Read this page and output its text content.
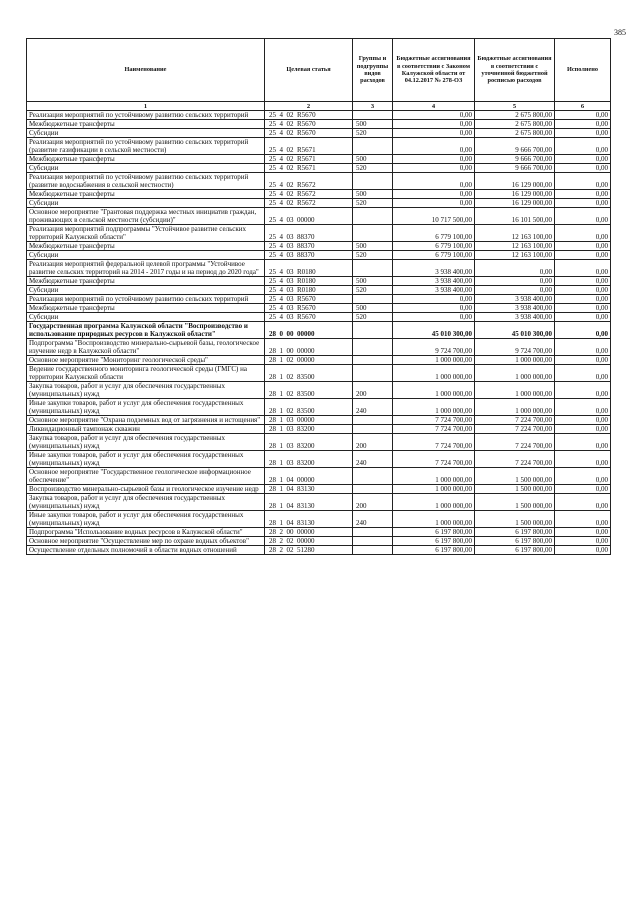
385
Наименование	Целевая статья	Группы и подгруппы видов расходов	Бюджетные ассигнования в соответствии с Законом Калужской области от 04.12.2017 № 278-ОЗ	Бюджетные ассигнования в соответствии с уточненной бюджетной росписью расходов	Исполнено
1	2	3	4	5	6
Реализация мероприятий по устойчивому развитию сельских территорий	25  4  02  R5670		0,00	2 675 800,00	0,00
Межбюджетные трансферты	25  4  02  R5670	500	0,00	2 675 800,00	0,00
Субсидии	25  4  02  R5670	520	0,00	2 675 800,00	0,00
Реализация мероприятий по устойчивому развитию сельских территорий (развитие газификации в сельской местности)	25  4  02  R5671		0,00	9 666 700,00	0,00
Межбюджетные трансферты	25  4  02  R5671	500	0,00	9 666 700,00	0,00
Субсидии	25  4  02  R5671	520	0,00	9 666 700,00	0,00
Реализация мероприятий по устойчивому развитию сельских территорий (развитие водоснабжения в сельской местности)	25  4  02  R5672		0,00	16 129 000,00	0,00
Межбюджетные трансферты	25  4  02  R5672	500	0,00	16 129 000,00	0,00
Субсидии	25  4  02  R5672	520	0,00	16 129 000,00	0,00
Основное мероприятие "Грантовая поддержка местных инициатив граждан, проживающих в сельской местности (субсидии)"	25  4  03  00000		10 717 500,00	16 101 500,00	0,00
Реализация мероприятий подпрограммы "Устойчивое развитие сельских территорий Калужской области"	25  4  03  88370		6 779 100,00	12 163 100,00	0,00
Межбюджетные трансферты	25  4  03  88370	500	6 779 100,00	12 163 100,00	0,00
Субсидии	25  4  03  88370	520	6 779 100,00	12 163 100,00	0,00
Реализация мероприятий федеральной целевой программы "Устойчивое развитие сельских территорий на 2014 - 2017 годы и на период до 2020 года"	25  4  03  R0180		3 938 400,00	0,00	0,00
Межбюджетные трансферты	25  4  03  R0180	500	3 938 400,00	0,00	0,00
Субсидии	25  4  03  R0180	520	3 938 400,00	0,00	0,00
Реализация мероприятий по устойчивому развитию сельских территорий	25  4  03  R5670		0,00	3 938 400,00	0,00
Межбюджетные трансферты	25  4  03  R5670	500	0,00	3 938 400,00	0,00
Субсидии	25  4  03  R5670	520	0,00	3 938 400,00	0,00
Государственная программа Калужской области "Воспроизводство и использование природных ресурсов в Калужской области"	28  0  00  00000		45 010 300,00	45 010 300,00	0,00
Подпрограмма "Воспроизводство минерально-сырьевой базы, геологическое изучение недр в Калужской области"	28  1  00  00000		9 724 700,00	9 724 700,00	0,00
Основное мероприятие "Мониторинг геологической среды"	28  1  02  00000		1 000 000,00	1 000 000,00	0,00
Ведение государственного мониторинга геологической среды (ГМГС) на территории Калужской области	28  1  02  83500		1 000 000,00	1 000 000,00	0,00
Закупка товаров, работ и услуг для обеспечения государственных (муниципальных) нужд	28  1  02  83500	200	1 000 000,00	1 000 000,00	0,00
Иные закупки товаров, работ и услуг для обеспечения государственных (муниципальных) нужд	28  1  02  83500	240	1 000 000,00	1 000 000,00	0,00
Основное мероприятие "Охрана подземных вод от загрязнения и истощения"	28  1  03  00000		7 724 700,00	7 224 700,00	0,00
Ликвидационный тампонаж скважин	28  1  03  83200		7 724 700,00	7 224 700,00	0,00
Закупка товаров, работ и услуг для обеспечения государственных (муниципальных) нужд	28  1  03  83200	200	7 724 700,00	7 224 700,00	0,00
Иные закупки товаров, работ и услуг для обеспечения государственных (муниципальных) нужд	28  1  03  83200	240	7 724 700,00	7 224 700,00	0,00
Основное мероприятие "Государственное геологическое информационное обеспечение"	28  1  04  00000		1 000 000,00	1 500 000,00	0,00
Воспроизводство минерально-сырьевой базы и геологическое изучение недр	28  1  04  83130		1 000 000,00	1 500 000,00	0,00
Закупка товаров, работ и услуг для обеспечения государственных (муниципальных) нужд	28  1  04  83130	200	1 000 000,00	1 500 000,00	0,00
Иные закупки товаров, работ и услуг для обеспечения государственных (муниципальных) нужд	28  1  04  83130	240	1 000 000,00	1 500 000,00	0,00
Подпрограмма "Использование водных ресурсов в Калужской области"	28  2  00  00000		6 197 800,00	6 197 800,00	0,00
Основное мероприятие "Осуществление мер по охране водных объектов"	28  2  02  00000		6 197 800,00	6 197 800,00	0,00
Осуществление отдельных полномочий в области водных отношений	28  2  02  51280		6 197 800,00	6 197 800,00	0,00
